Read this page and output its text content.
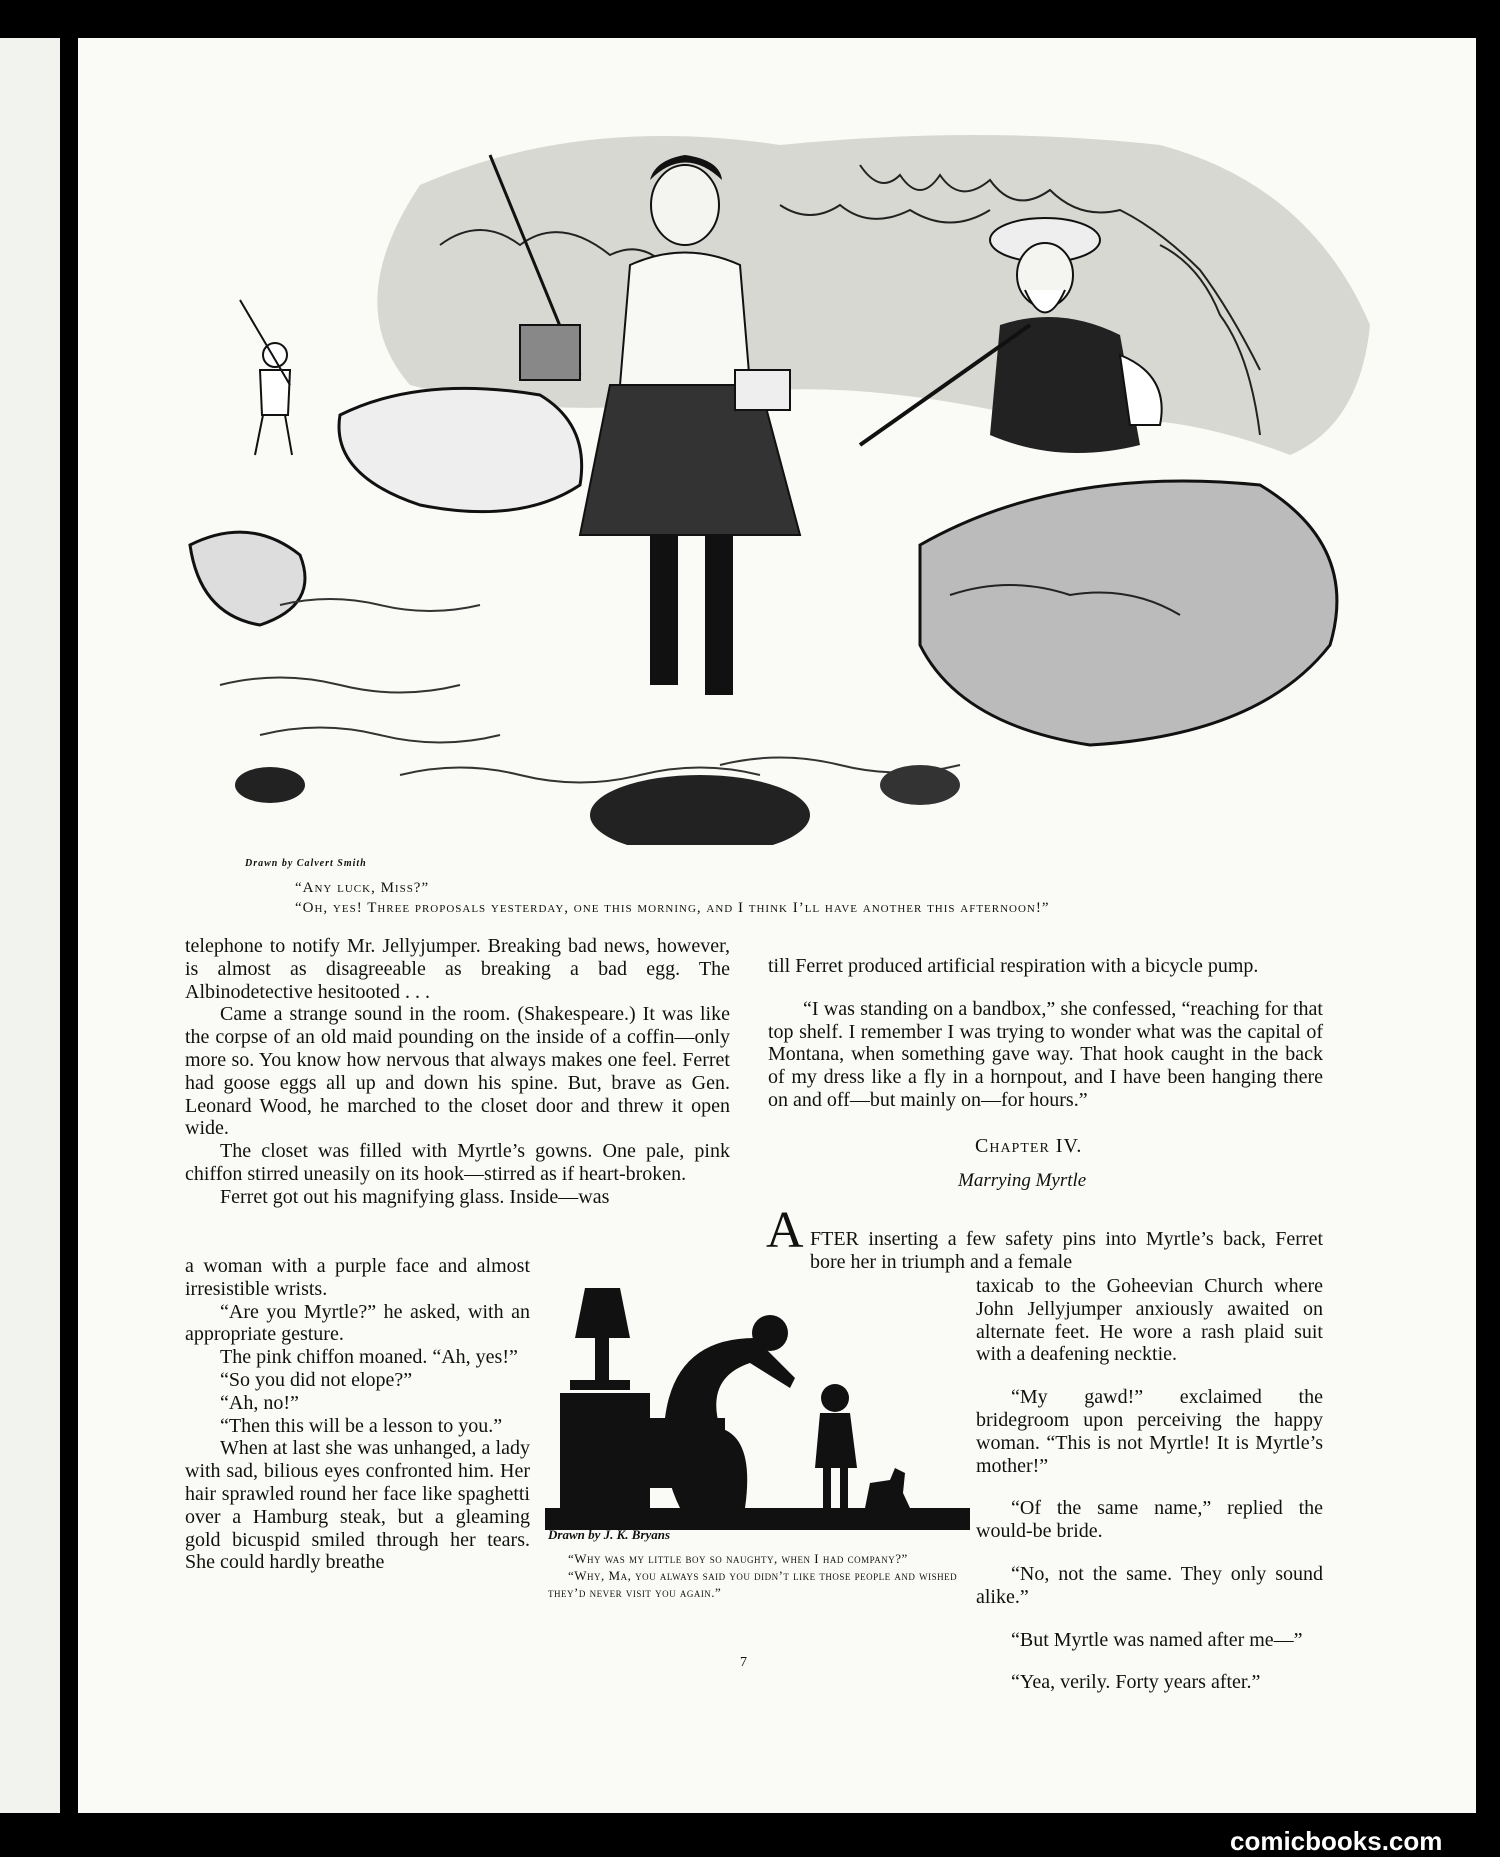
Drawn by Calvert Smith
“Any luck, Miss?”
“Oh, yes! Three proposals yesterday, one this morning, and I think I’ll have another this afternoon!”

telephone to notify Mr. Jellyjumper. Breaking bad news, however, is almost as disagreeable as breaking a bad egg. The Albinodetective hesitooted . . .

Came a strange sound in the room. (Shakespeare.) It was like the corpse of an old maid pounding on the inside of a coffin—only more so. You know how nervous that always makes one feel. Ferret had goose eggs all up and down his spine. But, brave as Gen. Leonard Wood, he marched to the closet door and threw it open wide.

The closet was filled with Myrtle’s gowns. One pale, pink chiffon stirred uneasily on its hook—stirred as if heart-broken.

Ferret got out his magnifying glass. Inside—was

a woman with a purple face and almost irresistible wrists.

“Are you Myrtle?” he asked, with an appropriate gesture.

The pink chiffon moaned. “Ah, yes!”

“So you did not elope?”

“Ah, no!”

“Then this will be a lesson to you.”

When at last she was unhanged, a lady with sad, bilious eyes confronted him. Her hair sprawled round her face like spaghetti over a Hamburg steak, but a gleaming gold bicuspid smiled through her tears. She could hardly breathe

till Ferret produced artificial respiration with a bicycle pump.

“I was standing on a bandbox,” she confessed, “reaching for that top shelf. I remember I was trying to wonder what was the capital of Montana, when something gave way. That hook caught in the back of my dress like a fly in a hornpout, and I have been hanging there on and off—but mainly on—for hours.”

Chapter IV.
Marrying Myrtle
A FTER inserting a few safety pins into Myrtle’s back, Ferret bore her in triumph and a female

taxicab to the Goheevian Church where John Jellyjumper anxiously awaited on alternate feet. He wore a rash plaid suit with a deafening necktie.

“My gawd!” exclaimed the bridegroom upon perceiving the happy woman. “This is not Myrtle! It is Myrtle’s mother!”

“Of the same name,” replied the would-be bride.

“No, not the same. They only sound alike.”

“But Myrtle was named after me—”

“Yea, verily. Forty years after.”

Drawn by J. K. Bryans
“Why was my little boy so naughty, when I had company?”
“Why, Ma, you always said you didn’t like those people and wished they’d never visit you again.”
7
comicbooks.com
